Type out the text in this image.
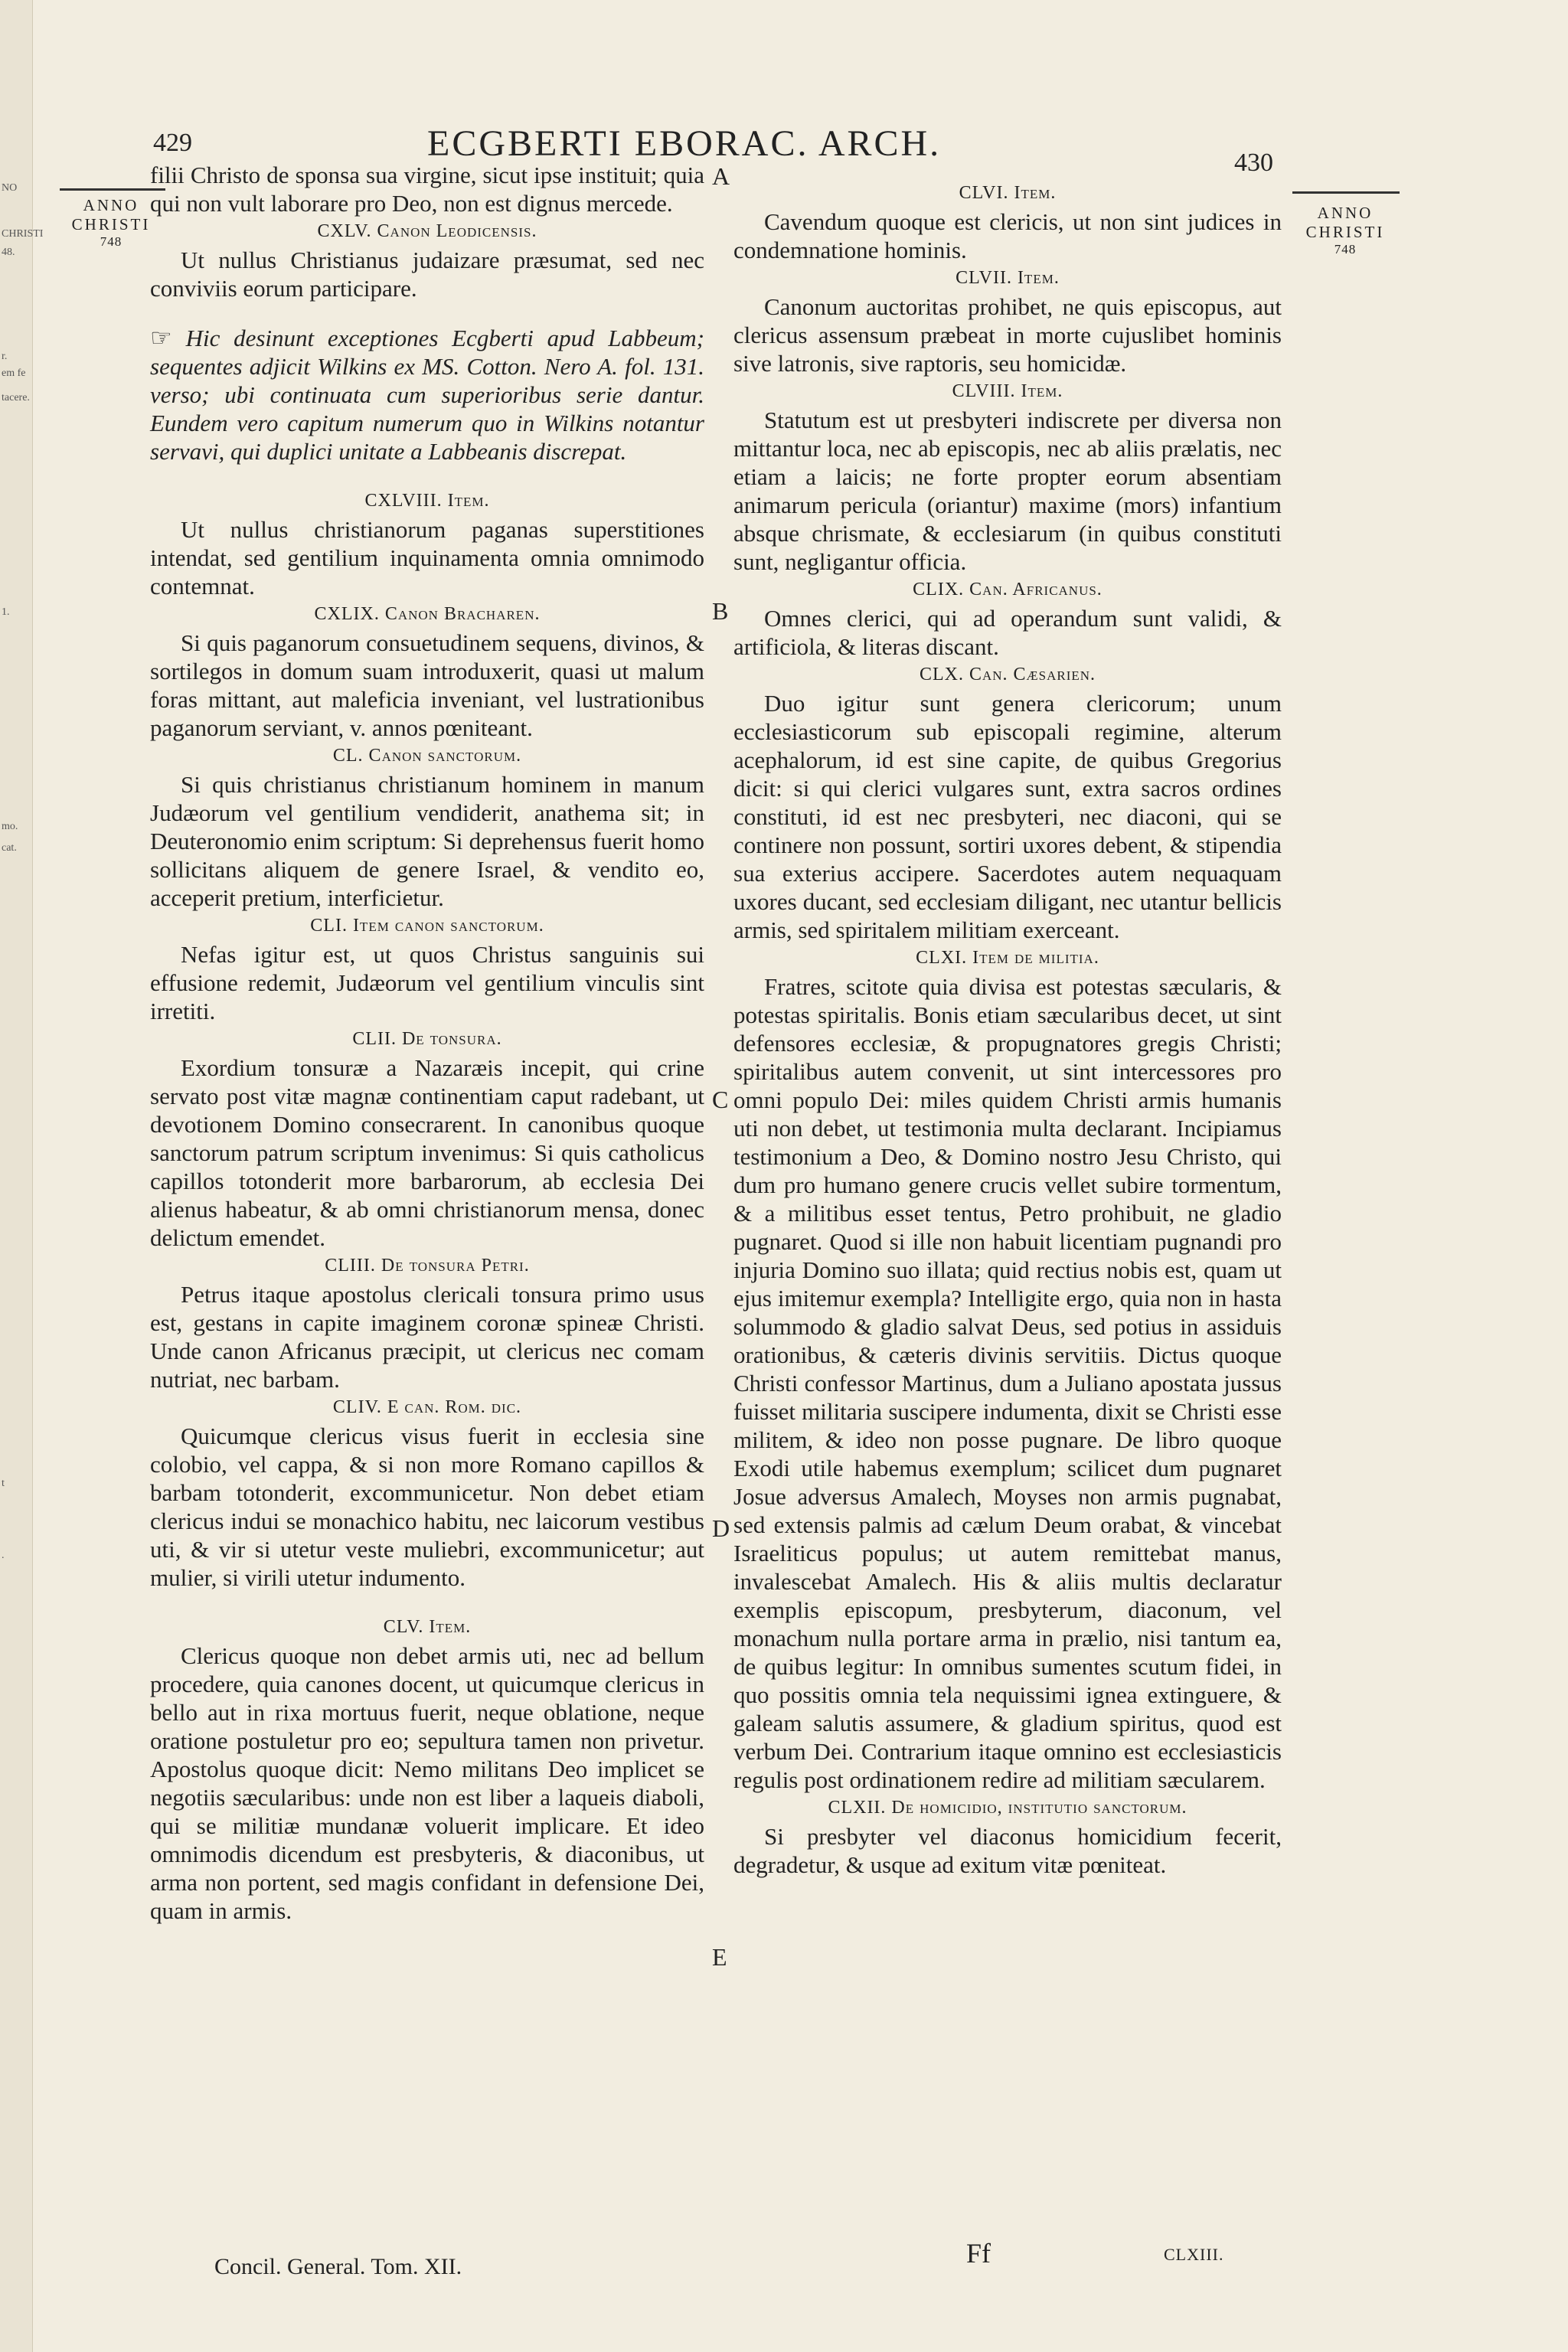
NO
CHRISTI
48.
r.
em fe
tacere.
1.
mo.
cat.
t
.
429	ECGBERTI EBORAC. ARCH.	430
ANNO
CHRISTI
748
ANNO
CHRISTI
748
A
B
C
D
E

filii Christo de sponsa sua virgine, sicut ipse instituit; quia qui non vult laborare pro Deo, non est dignus mercede.

CXLV. Canon Leodicensis.

Ut nullus Christianus judaizare præsumat, sed nec conviviis eorum participare.

☞ Hic desinunt exceptiones Ecgberti apud Labbeum; sequentes adjicit Wilkins ex MS. Cotton. Nero A. fol. 131. verso; ubi continuata cum superioribus serie dantur. Eundem vero capitum numerum quo in Wilkins notantur servavi, qui duplici unitate a Labbeanis discrepat.

CXLVIII. Item.

Ut nullus christianorum paganas superstitiones intendat, sed gentilium inquinamenta omnia omnimodo contemnat.

CXLIX. Canon Bracharen.

Si quis paganorum consuetudinem sequens, divinos, & sortilegos in domum suam introduxerit, quasi ut malum foras mittant, aut maleficia inveniant, vel lustrationibus paganorum serviant, v. annos pœniteant.

CL. Canon sanctorum.

Si quis christianus christianum hominem in manum Judæorum vel gentilium vendiderit, anathema sit; in Deuteronomio enim scriptum: Si deprehensus fuerit homo sollicitans aliquem de genere Israel, & vendito eo, acceperit pretium, interficietur.

CLI. Item canon sanctorum.

Nefas igitur est, ut quos Christus sanguinis sui effusione redemit, Judæorum vel gentilium vinculis sint irretiti.

CLII. De tonsura.

Exordium tonsuræ a Nazaræis incepit, qui crine servato post vitæ magnæ continentiam caput radebant, ut devotionem Domino consecrarent. In canonibus quoque sanctorum patrum scriptum invenimus: Si quis catholicus capillos totonderit more barbarorum, ab ecclesia Dei alienus habeatur, & ab omni christianorum mensa, donec delictum emendet.

CLIII. De tonsura Petri.

Petrus itaque apostolus clericali tonsura primo usus est, gestans in capite imaginem coronæ spineæ Christi. Unde canon Africanus præcipit, ut clericus nec comam nutriat, nec barbam.

CLIV. E can. Rom. dic.

Quicumque clericus visus fuerit in ecclesia sine colobio, vel cappa, & si non more Romano capillos & barbam totonderit, excommunicetur. Non debet etiam clericus indui se monachico habitu, nec laicorum vestibus uti, & vir si utetur veste muliebri, excommunicetur; aut mulier, si virili utetur indumento.

CLV. Item.

Clericus quoque non debet armis uti, nec ad bellum procedere, quia canones docent, ut quicumque clericus in bello aut in rixa mortuus fuerit, neque oblatione, neque oratione postuletur pro eo; sepultura tamen non privetur. Apostolus quoque dicit: Nemo militans Deo implicet se negotiis sæcularibus: unde non est liber a laqueis diaboli, qui se militiæ mundanæ voluerit implicare. Et ideo omnimodis dicendum est presbyteris, & diaconibus, ut arma non portent, sed magis confidant in defensione Dei, quam in armis.

CLVI. Item.

Cavendum quoque est clericis, ut non sint judices in condemnatione hominis.

CLVII. Item.

Canonum auctoritas prohibet, ne quis episcopus, aut clericus assensum præbeat in morte cujuslibet hominis sive latronis, sive raptoris, seu homicidæ.

CLVIII. Item.

Statutum est ut presbyteri indiscrete per diversa non mittantur loca, nec ab episcopis, nec ab aliis prælatis, nec etiam a laicis; ne forte propter eorum absentiam animarum pericula (oriantur) maxime (mors) infantium absque chrismate, & ecclesiarum (in quibus constituti sunt, negligantur officia.

CLIX. Can. Africanus.

Omnes clerici, qui ad operandum sunt validi, & artificiola, & literas discant.

CLX. Can. Cæsarien.

Duo igitur sunt genera clericorum; unum ecclesiasticorum sub episcopali regimine, alterum acephalorum, id est sine capite, de quibus Gregorius dicit: si qui clerici vulgares sunt, extra sacros ordines constituti, id est nec presbyteri, nec diaconi, qui se continere non possunt, sortiri uxores debent, & stipendia sua exterius accipere. Sacerdotes autem nequaquam uxores ducant, sed ecclesiam diligant, nec utantur bellicis armis, sed spiritalem militiam exerceant.

CLXI. Item de militia.

Fratres, scitote quia divisa est potestas sæcularis, & potestas spiritalis. Bonis etiam sæcularibus decet, ut sint defensores ecclesiæ, & propugnatores gregis Christi; spiritalibus autem convenit, ut sint intercessores pro omni populo Dei: miles quidem Christi armis humanis uti non debet, ut testimonia multa declarant. Incipiamus testimonium a Deo, & Domino nostro Jesu Christo, qui dum pro humano genere crucis vellet subire tormentum, & a militibus esset tentus, Petro prohibuit, ne gladio pugnaret. Quod si ille non habuit licentiam pugnandi pro injuria Domino suo illata; quid rectius nobis est, quam ut ejus imitemur exempla? Intelligite ergo, quia non in hasta solummodo & gladio salvat Deus, sed potius in assiduis orationibus, & cæteris divinis servitiis. Dictus quoque Christi confessor Martinus, dum a Juliano apostata jussus fuisset militaria suscipere indumenta, dixit se Christi esse militem, & ideo non posse pugnare. De libro quoque Exodi utile habemus exemplum; scilicet dum pugnaret Josue adversus Amalech, Moyses non armis pugnabat, sed extensis palmis ad cælum Deum orabat, & vincebat Israeliticus populus; ut autem remittebat manus, invalescebat Amalech. His & aliis multis declaratur exemplis episcopum, presbyterum, diaconum, vel monachum nulla portare arma in prælio, nisi tantum ea, de quibus legitur: In omnibus sumentes scutum fidei, in quo possitis omnia tela nequissimi ignea extinguere, & galeam salutis assumere, & gladium spiritus, quod est verbum Dei. Contrarium itaque omnino est ecclesiasticis regulis post ordinationem redire ad militiam sæcularem.

CLXII. De homicidio, institutio sanctorum.

Si presbyter vel diaconus homicidium fecerit, degradetur, & usque ad exitum vitæ pœniteat.

Concil. General. Tom. XII.	Ff	CLXIII.
